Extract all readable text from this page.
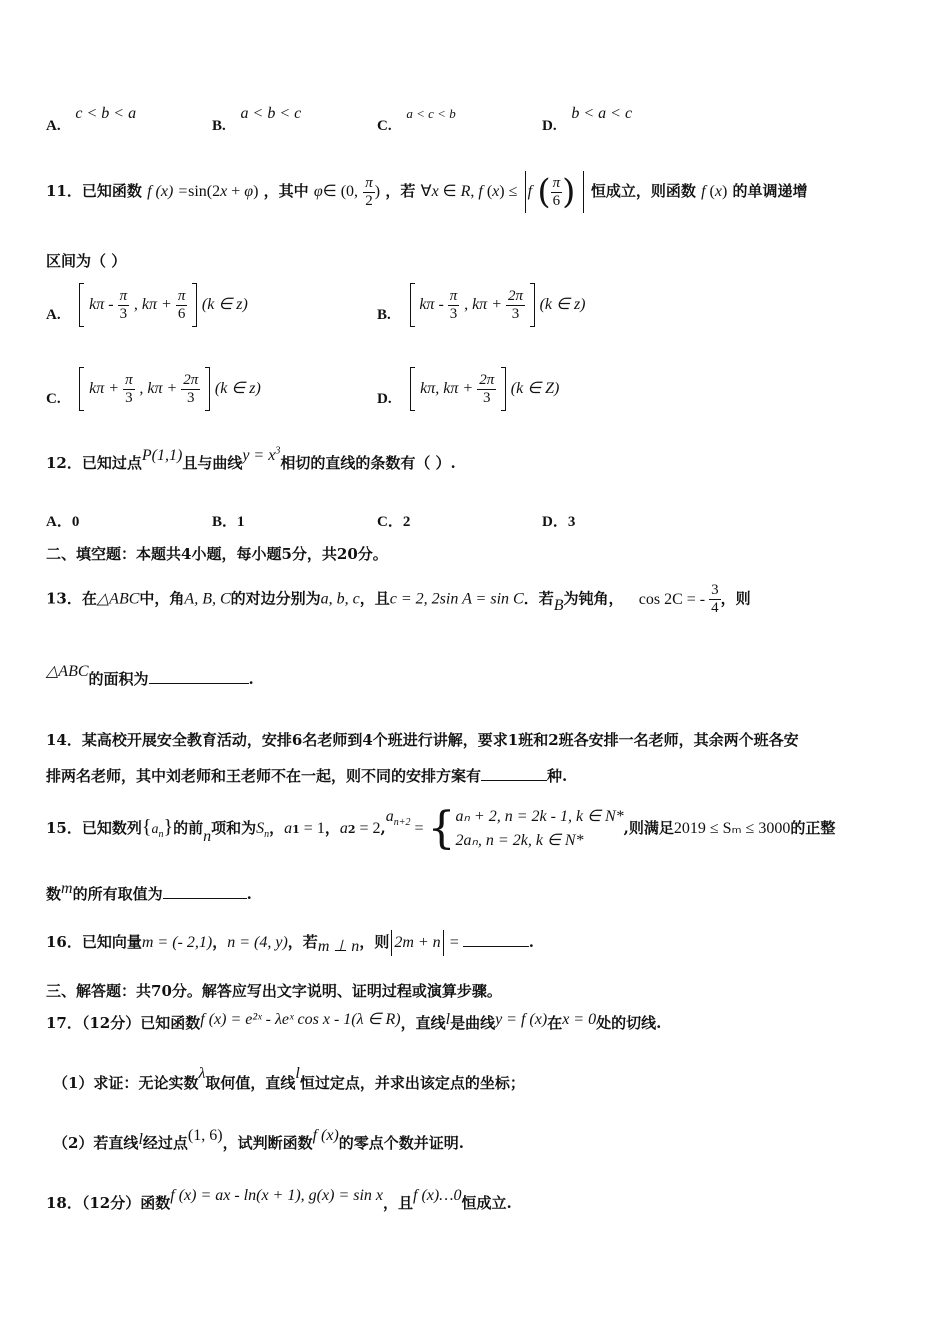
A. c < b < a
B. a < b < c
C. a < c < b
D. b < a < c
11．已知函数 f (x) =sin(2x + φ) ，其中 φ∈ (0, $\frac{\pi}{2}$ ) ，若 ∀x ∈ R, f (x) ≤ f ( $\frac{\pi}{6}$ ) 恒成立，则函数 f (x) 的单调递增
区间为（ ）
A.  kπ - $\frac{\pi}{3}$ , $k\pi + \frac{\pi}{6} (k$ ∈ z)
B.  kπ - $\frac{\pi}{3}$ , $k\pi + \frac{2\pi}{3} (k$ ∈ z)
C.  $k\pi + \frac{\pi}{3}$ , $k\pi + \frac{2\pi}{3} (k$ ∈ z)
D.  kπ, $k\pi + \frac{2\pi}{3} (k$ ∈ Z)
12．已知过点P(1,1)且与曲线$y = x^3$相切的直线的条数有（ ）.
A．0	B．1	C．2	D．3
二、填空题：本题共4小题，每小题5分，共20分。
13．在△ABC中，角A, B, C的对边分别为a, b, c，且c = 2, 2sin A = sin C．若B为钝角， cos 2C = - $\frac{3}{4}$ ，则
△ABC的面积为	.
14．某高校开展安全教育活动，安排6名老师到4个班进行讲解，要求1班和2班各安排一名老师，其余两个班各安
排两名老师，其中刘老师和王老师不在一起，则不同的安排方案有	种.
15．已知数列$\{a_n\}$的前n项和为$S_n$，a1 = 1，$a2 = 2,a_{n+2}$ = { aₙ + 2, n = 2k - 1, k ∈ N*
2aₙ, n = 2k, k ∈ N*
,则满足2019 ≤ Sₘ ≤ 3000的正整
数m的所有取值为	.
16．已知向量m = (- 2,1)，n = (4, y)，若m ⊥ n，则 2m + n =	.
三、解答题：共70分。解答应写出文字说明、证明过程或演算步骤。
17．（12分）已知函数f (x) = e²ˣ - λeˣ cos x - 1(λ ∈ R)，直线l是曲线y = f (x)在x = 0处的切线.
（1）求证：无论实数λ取何值，直线l恒过定点，并求出该定点的坐标；
（2）若直线l经过点(1, 6)，试判断函数f (x)的零点个数并证明.
18．（12分）函数f (x) = ax - ln(x + 1), g(x) = sin x，且f (x)…0恒成立.
